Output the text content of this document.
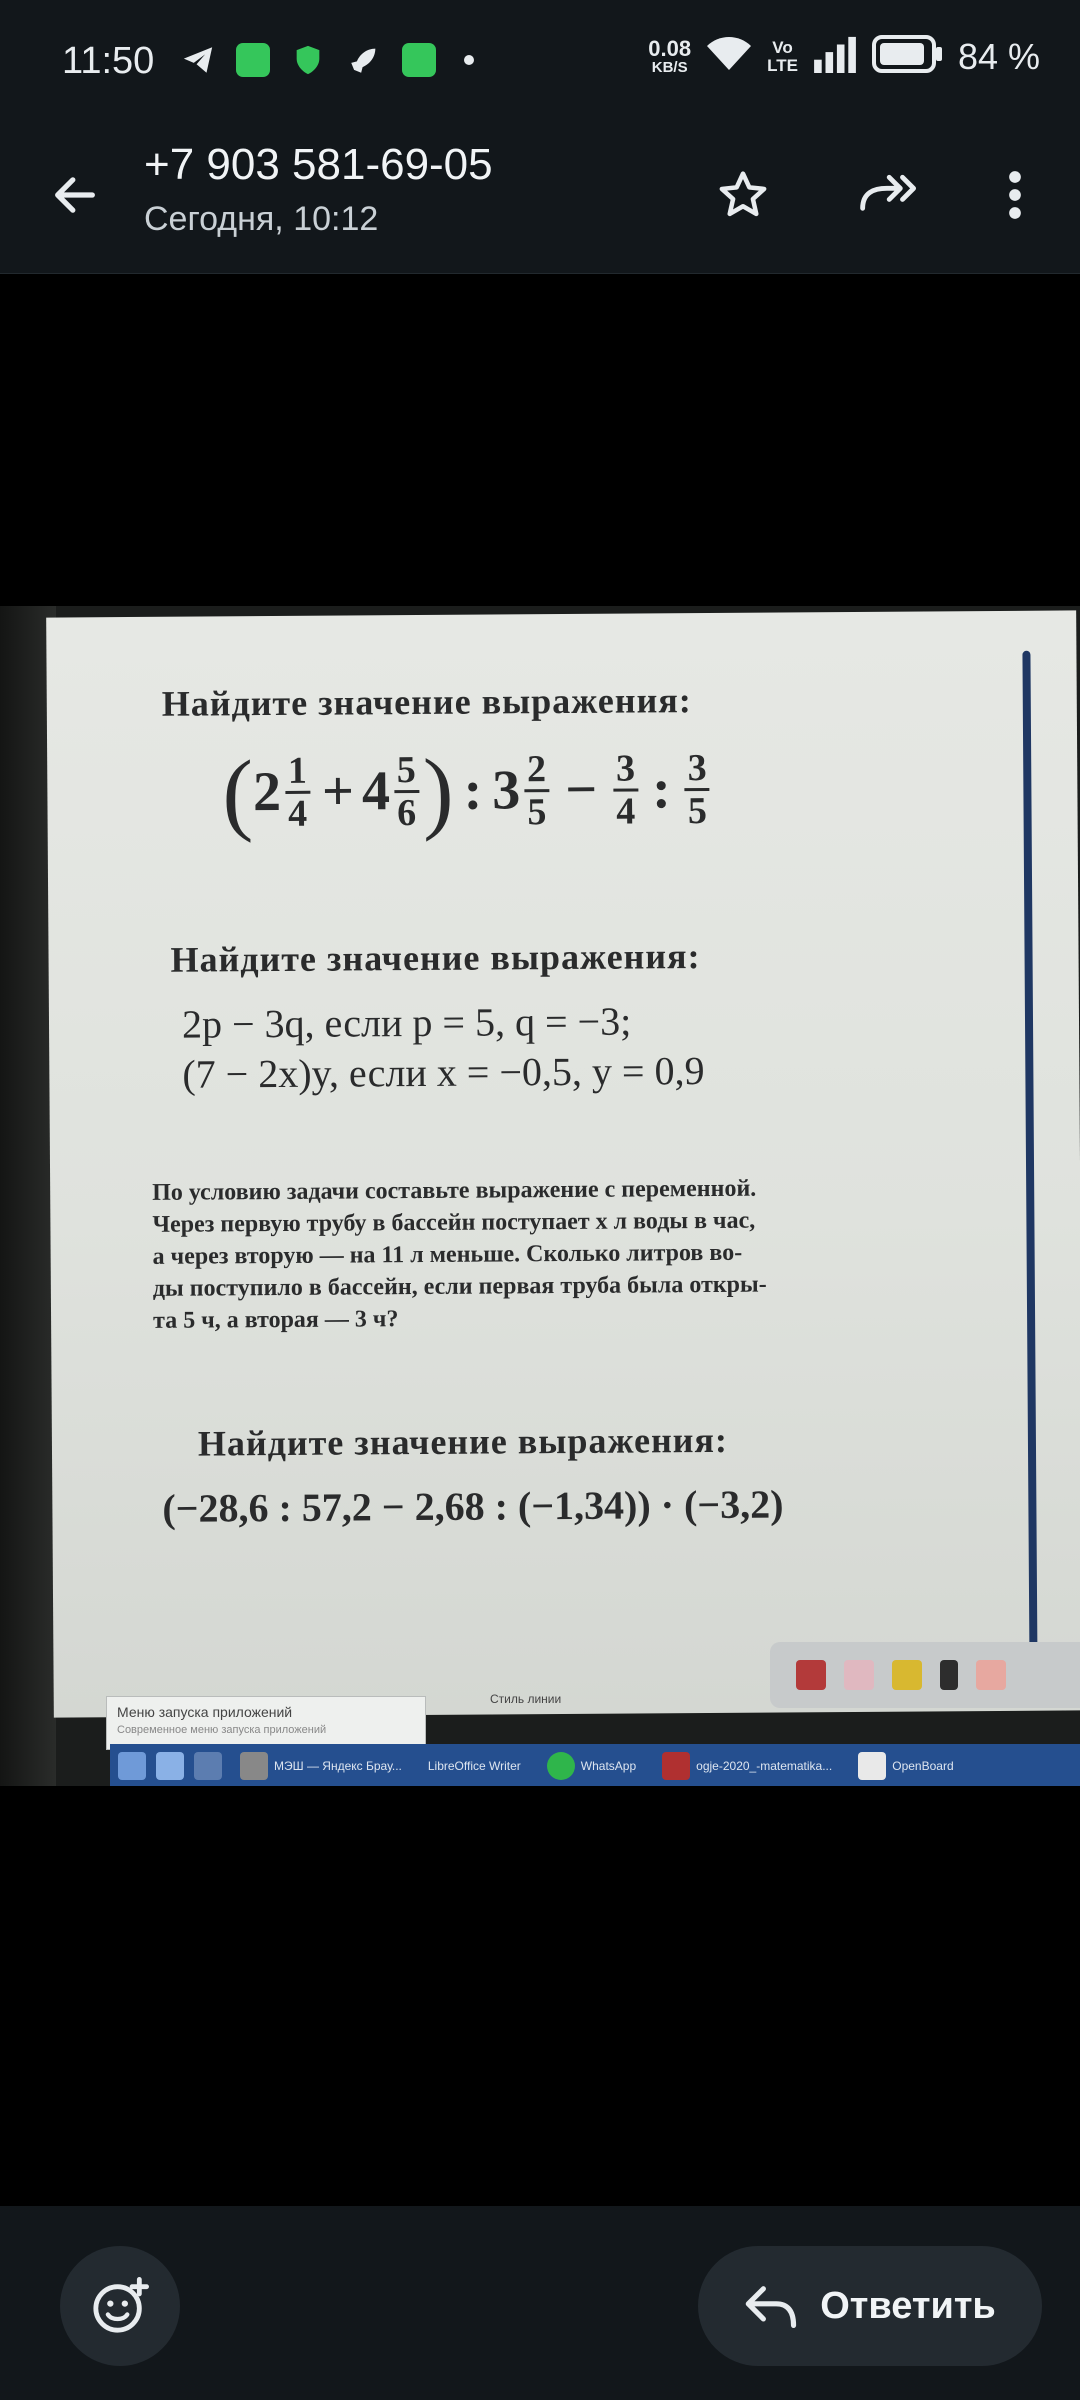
11:50	0.08
KB/S
Vo
LTE	84 %
+7 903 581-69-05
Сегодня, 10:12
Найдите значение выражения:
( $2 \frac{1}{4} + 4 \frac{5}{6}$ ) : $3 \frac{2}{5} - \frac{3}{4}$ : $\frac{3}{5}$
Найдите значение выражения:
2p − 3q, если p = 5, q = −3;
(7 − 2x)y, если x = −0,5, y = 0,9
По условию задачи составьте выражение с переменной.
Через первую трубу в бассейн поступает x л воды в час,
а через вторую — на 11 л меньше. Сколько литров во-
ды поступило в бассейн, если первая труба была откры-
та 5 ч, а вторая — 3 ч?
Найдите значение выражения:
(−28,6 : 57,2 − 2,68 : (−1,34)) · (−3,2)
Меню запуска приложений
Современное меню запуска приложений
Стиль линии
МЭШ — Яндекс Брау... LibreOffice Writer	WhatsApp	ogje-2020_-matematika...	OpenBoard
Ответить
